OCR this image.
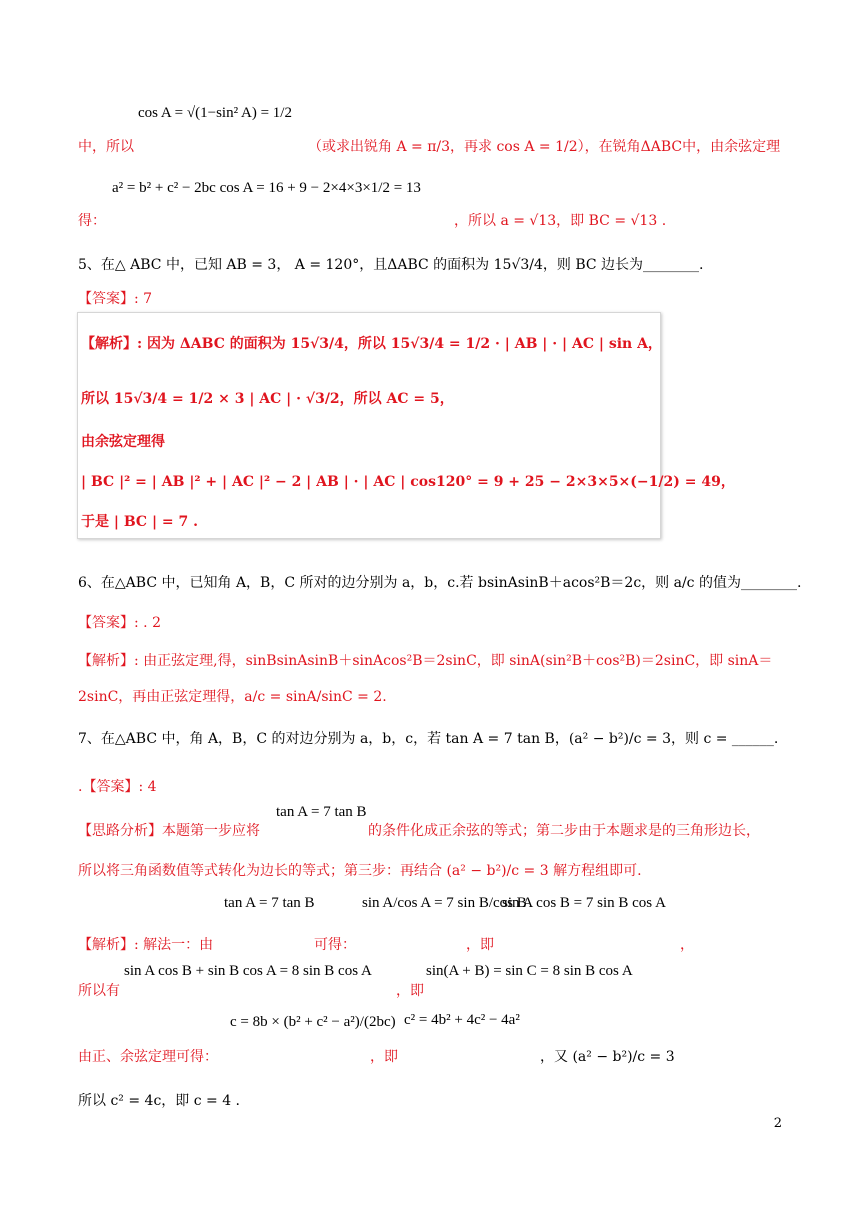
cos A = √(1−sin² A) = 1/2
中，所以	（或求出锐角 A = π/3，再求 cos A = 1/2），在锐角ΔABC中，由余弦定理
a² = b² + c² − 2bc cos A = 16 + 9 − 2×4×3×1/2 = 13
得：	，所以 a = √13，即 BC = √13 .
5、在△ ABC 中，已知 AB = 3， A = 120°，且ΔABC 的面积为 15√3/4，则 BC 边长为________.
【答案】: 7
【解析】: 因为 ΔABC 的面积为 15√3/4，所以 15√3/4 = 1/2 · | AB | · | AC | sin A，
所以 15√3/4 = 1/2 × 3 | AC | · √3/2，所以 AC = 5，
由余弦定理得
| BC |² = | AB |² + | AC |² − 2 | AB | · | AC | cos120° = 9 + 25 − 2×3×5×(−1/2) = 49，
于是 | BC | = 7 .
6、在△ABC 中，已知角 A，B，C 所对的边分别为 a，b，c.若 bsinAsinB＋acos²B＝2c，则 a/c 的值为________.
【答案】: . 2
【解析】: 由正弦定理,得，sinBsinAsinB＋sinAcos²B＝2sinC，即 sinA(sin²B＋cos²B)＝2sinC，即 sinA＝
2sinC，再由正弦定理得，a/c = sinA/sinC = 2.
7、在△ABC 中，角 A，B，C 的对边分别为 a，b，c，若 tan A = 7 tan B，(a² − b²)/c = 3，则 c = ______.
.【答案】: 4
tan A = 7 tan B
【思路分析】本题第一步应将	的条件化成正余弦的等式；第二步由于本题求是的三角形边长，
所以将三角函数值等式转化为边长的等式；第三步：再结合 (a² − b²)/c = 3 解方程组即可.
tan A = 7 tan B	sin A/cos A = 7 sin B/cos B
sin A cos B = 7 sin B cos A
【解析】: 解法一：由	可得：	，即	，
sin A cos B + sin B cos A = 8 sin B cos A	sin(A + B) = sin C = 8 sin B cos A
所以有	，即
c = 8b × (b² + c² − a²)/(2bc) c² = 4b² + 4c² − 4a²
由正、余弦定理可得：	，即	，又 (a² − b²)/c = 3
所以 c² = 4c，即 c = 4 .
2
